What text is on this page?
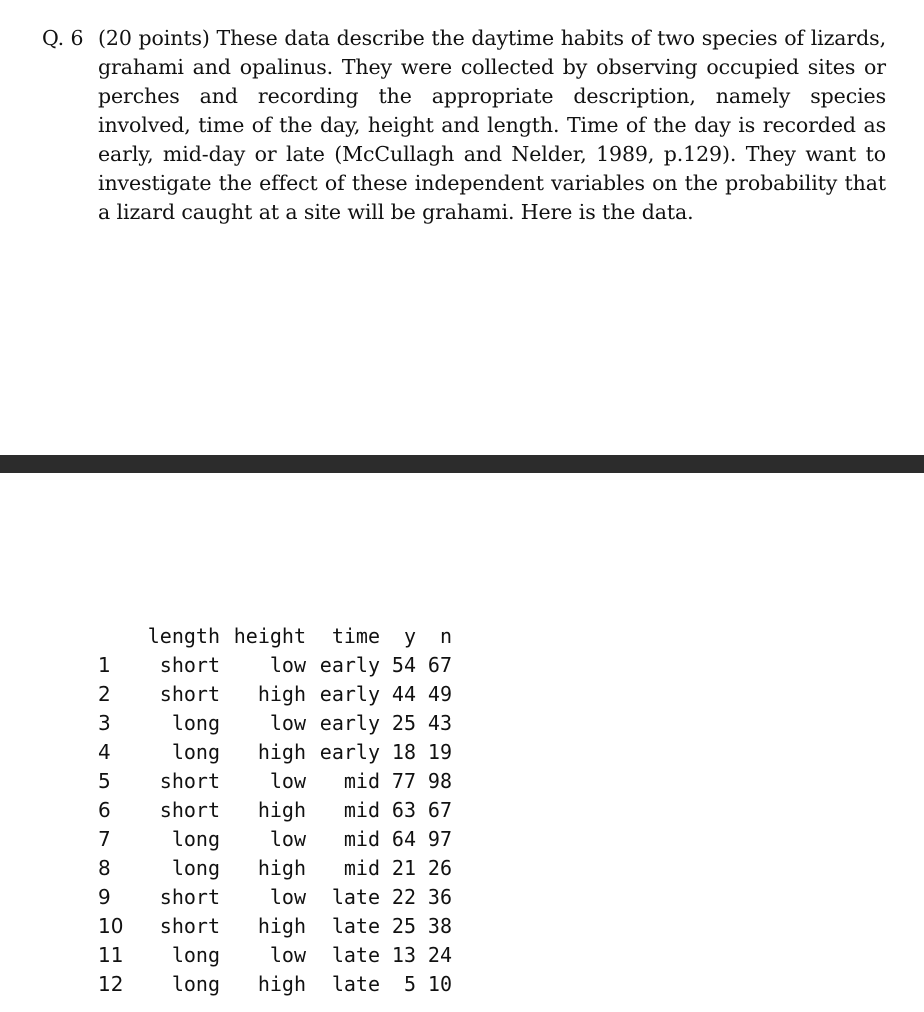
Q. 6 (20 points) These data describe the daytime habits of two species of lizards, grahami and opalinus. They were collected by observing occupied sites or perches and recording the appropriate description, namely species involved, time of the day, height and length. Time of the day is recorded as early, mid-day or late (McCullagh and Nelder, 1989, p.129). They want to investigate the effect of these independent variables on the probability that a lizard caught at a site will be grahami. Here is the data.
	length	height	time	y	n
1	short	low	early	54	67
2	short	high	early	44	49
3	long	low	early	25	43
4	long	high	early	18	19
5	short	low	mid	77	98
6	short	high	mid	63	67
7	long	low	mid	64	97
8	long	high	mid	21	26
9	short	low	late	22	36
10	short	high	late	25	38
11	long	low	late	13	24
12	long	high	late	5	10
